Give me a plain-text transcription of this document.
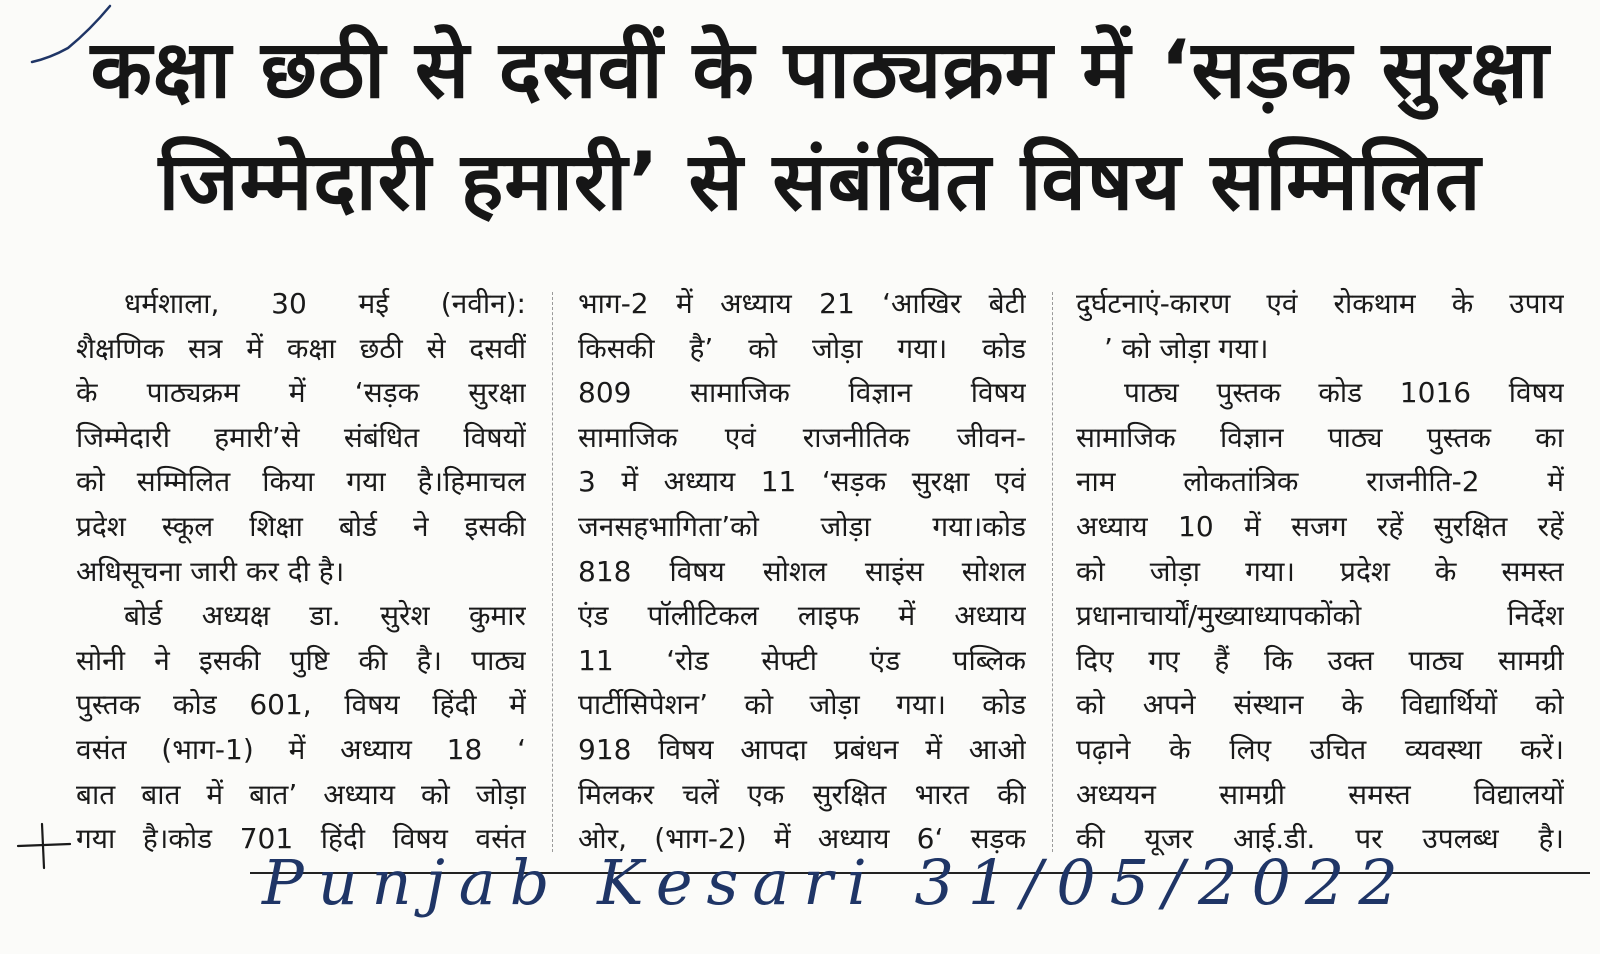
कक्षा छठी से दसवीं के पाठ्यक्रम में ‘सड़क सुरक्षा
जिम्मेदारी हमारी’ से संबंधित विषय सम्मिलित
धर्मशाला, 30 मई (नवीन):
शैक्षणिक सत्र में कक्षा छठी से दसवीं
के पाठ्यक्रम में ‘सड़क सुरक्षा
जिम्मेदारी हमारी’से संबंधित विषयों
को सम्मिलित किया गया है।हिमाचल
प्रदेश स्कूल शिक्षा बोर्ड ने इसकी
अधिसूचना जारी कर दी है।
बोर्ड अध्यक्ष डा. सुरेश कुमार
सोनी ने इसकी पुष्टि की है। पाठ्य
पुस्तक कोड 601, विषय हिंदी में
वसंत (भाग-1) में अध्याय 18 ‘
बात बात में बात’ अध्याय को जोड़ा
गया है।कोड 701 हिंदी विषय वसंत
भाग-2 में अध्याय 21 ‘आखिर बेटी
किसकी है’ को जोड़ा गया। कोड
809 सामाजिक विज्ञान विषय
सामाजिक एवं राजनीतिक जीवन-
3 में अध्याय 11 ‘सड़क सुरक्षा एवं
जनसहभागिता’को जोड़ा गया।कोड
818 विषय सोशल साइंस सोशल
एंड पॉलीटिकल लाइफ में अध्याय
11 ‘रोड सेफ्टी एंड पब्लिक
पार्टीसिपेशन’ को जोड़ा गया। कोड
918 विषय आपदा प्रबंधन में आओ
मिलकर चलें एक सुरक्षित भारत की
ओर, (भाग-2) में अध्याय 6‘ सड़क
दुर्घटनाएं-कारण एवं रोकथाम के उपाय
’ को जोड़ा गया।
पाठ्य पुस्तक कोड 1016 विषय
सामाजिक विज्ञान पाठ्य पुस्तक का
नाम लोकतांत्रिक राजनीति-2 में
अध्याय 10 में सजग रहें सुरक्षित रहें
को जोड़ा गया। प्रदेश के समस्त
प्रधानाचार्यों/मुख्याध्यापकोंको निर्देश
दिए गए हैं कि उक्त पाठ्य सामग्री
को अपने संस्थान के विद्यार्थियों को
पढ़ाने के लिए उचित व्यवस्था करें।
अध्ययन सामग्री समस्त विद्यालयों
की यूजर आई.डी. पर उपलब्ध है।
Punjab Kesari 31/05/2022
